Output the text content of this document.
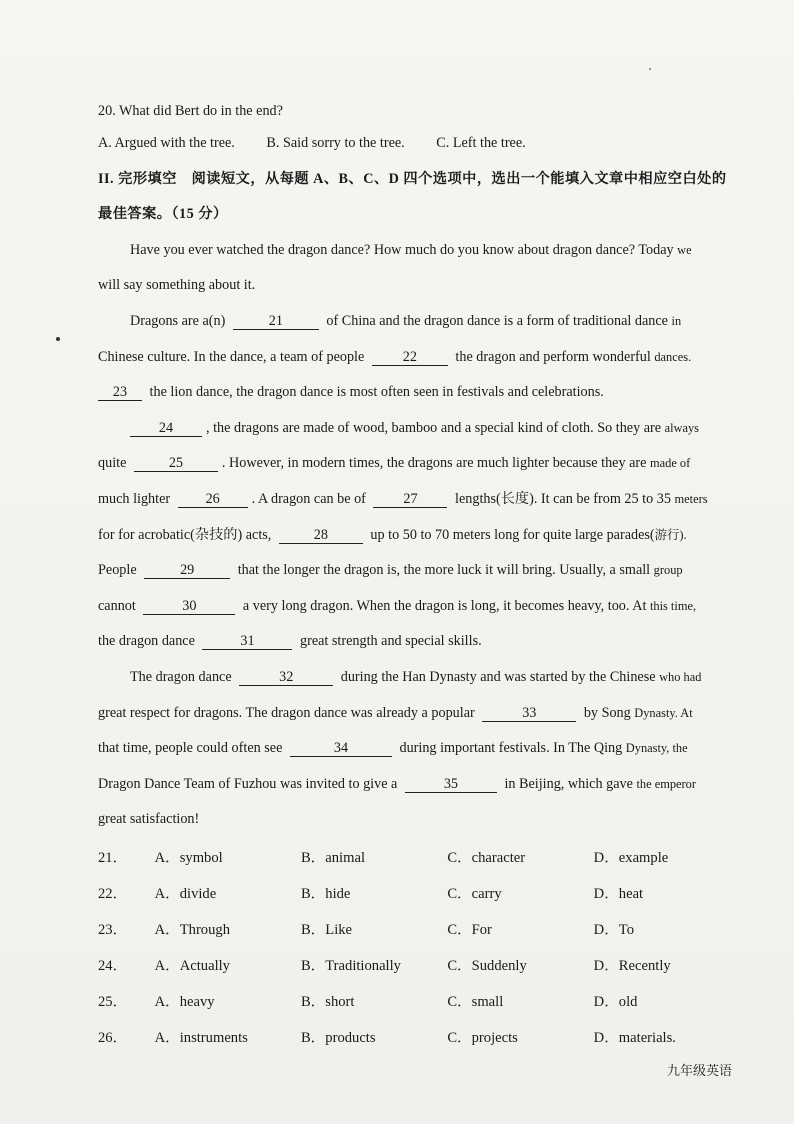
20. What did Bert do in the end?
A. Argued with the tree. B. Said sorry to the tree. C. Left the tree.
II. 完形填空　阅读短文，从每题 A、B、C、D 四个选项中，选出一个能填入文章中相应空白处的
最佳答案。（15 分）
Have you ever watched the dragon dance? How much do you know about dragon dance? Today we
will say something about it.
Dragons are a(n)	21	of China and the dragon dance is a form of traditional dance in
Chinese culture. In the dance, a team of people	22	the dragon and perform wonderful dances.
23 the lion dance, the dragon dance is most often seen in festivals and celebrations.
24 , the dragons are made of wood, bamboo and a special kind of cloth. So they are always
quite	25	. However, in modern times, the dragons are much lighter because they are made of
much lighter 26 . A dragon can be of	27	lengths(长度). It can be from 25 to 35 meters
for for acrobatic(杂技的) acts,	28	up to 50 to 70 meters long for quite large parades(游行).
People	29	that the longer the dragon is, the more luck it will bring. Usually, a small group
cannot	30	a very long dragon. When the dragon is long, it becomes heavy, too. At this time,
the dragon dance	31	great strength and special skills.
The dragon dance	32	during the Han Dynasty and was started by the Chinese who had
great respect for dragons. The dragon dance was already a popular	33	by Song Dynasty. At
that time, people could often see	34	during important festivals. In The Qing Dynasty, the
Dragon Dance Team of Fuzhou was invited to give a	35	in Beijing, which gave the emperor
great satisfaction!
21．	A．symbol	B．animal	C．character	D．example
22．	A．divide	B．hide	C．carry	D．heat
23．	A．Through	B．Like	C．For	D．To
24．	A．Actually	B．Traditionally	C．Suddenly	D．Recently
25．	A．heavy	B．short	C．small	D．old
26．	A．instruments	B．products	C．projects	D．materials.
九年级英语
